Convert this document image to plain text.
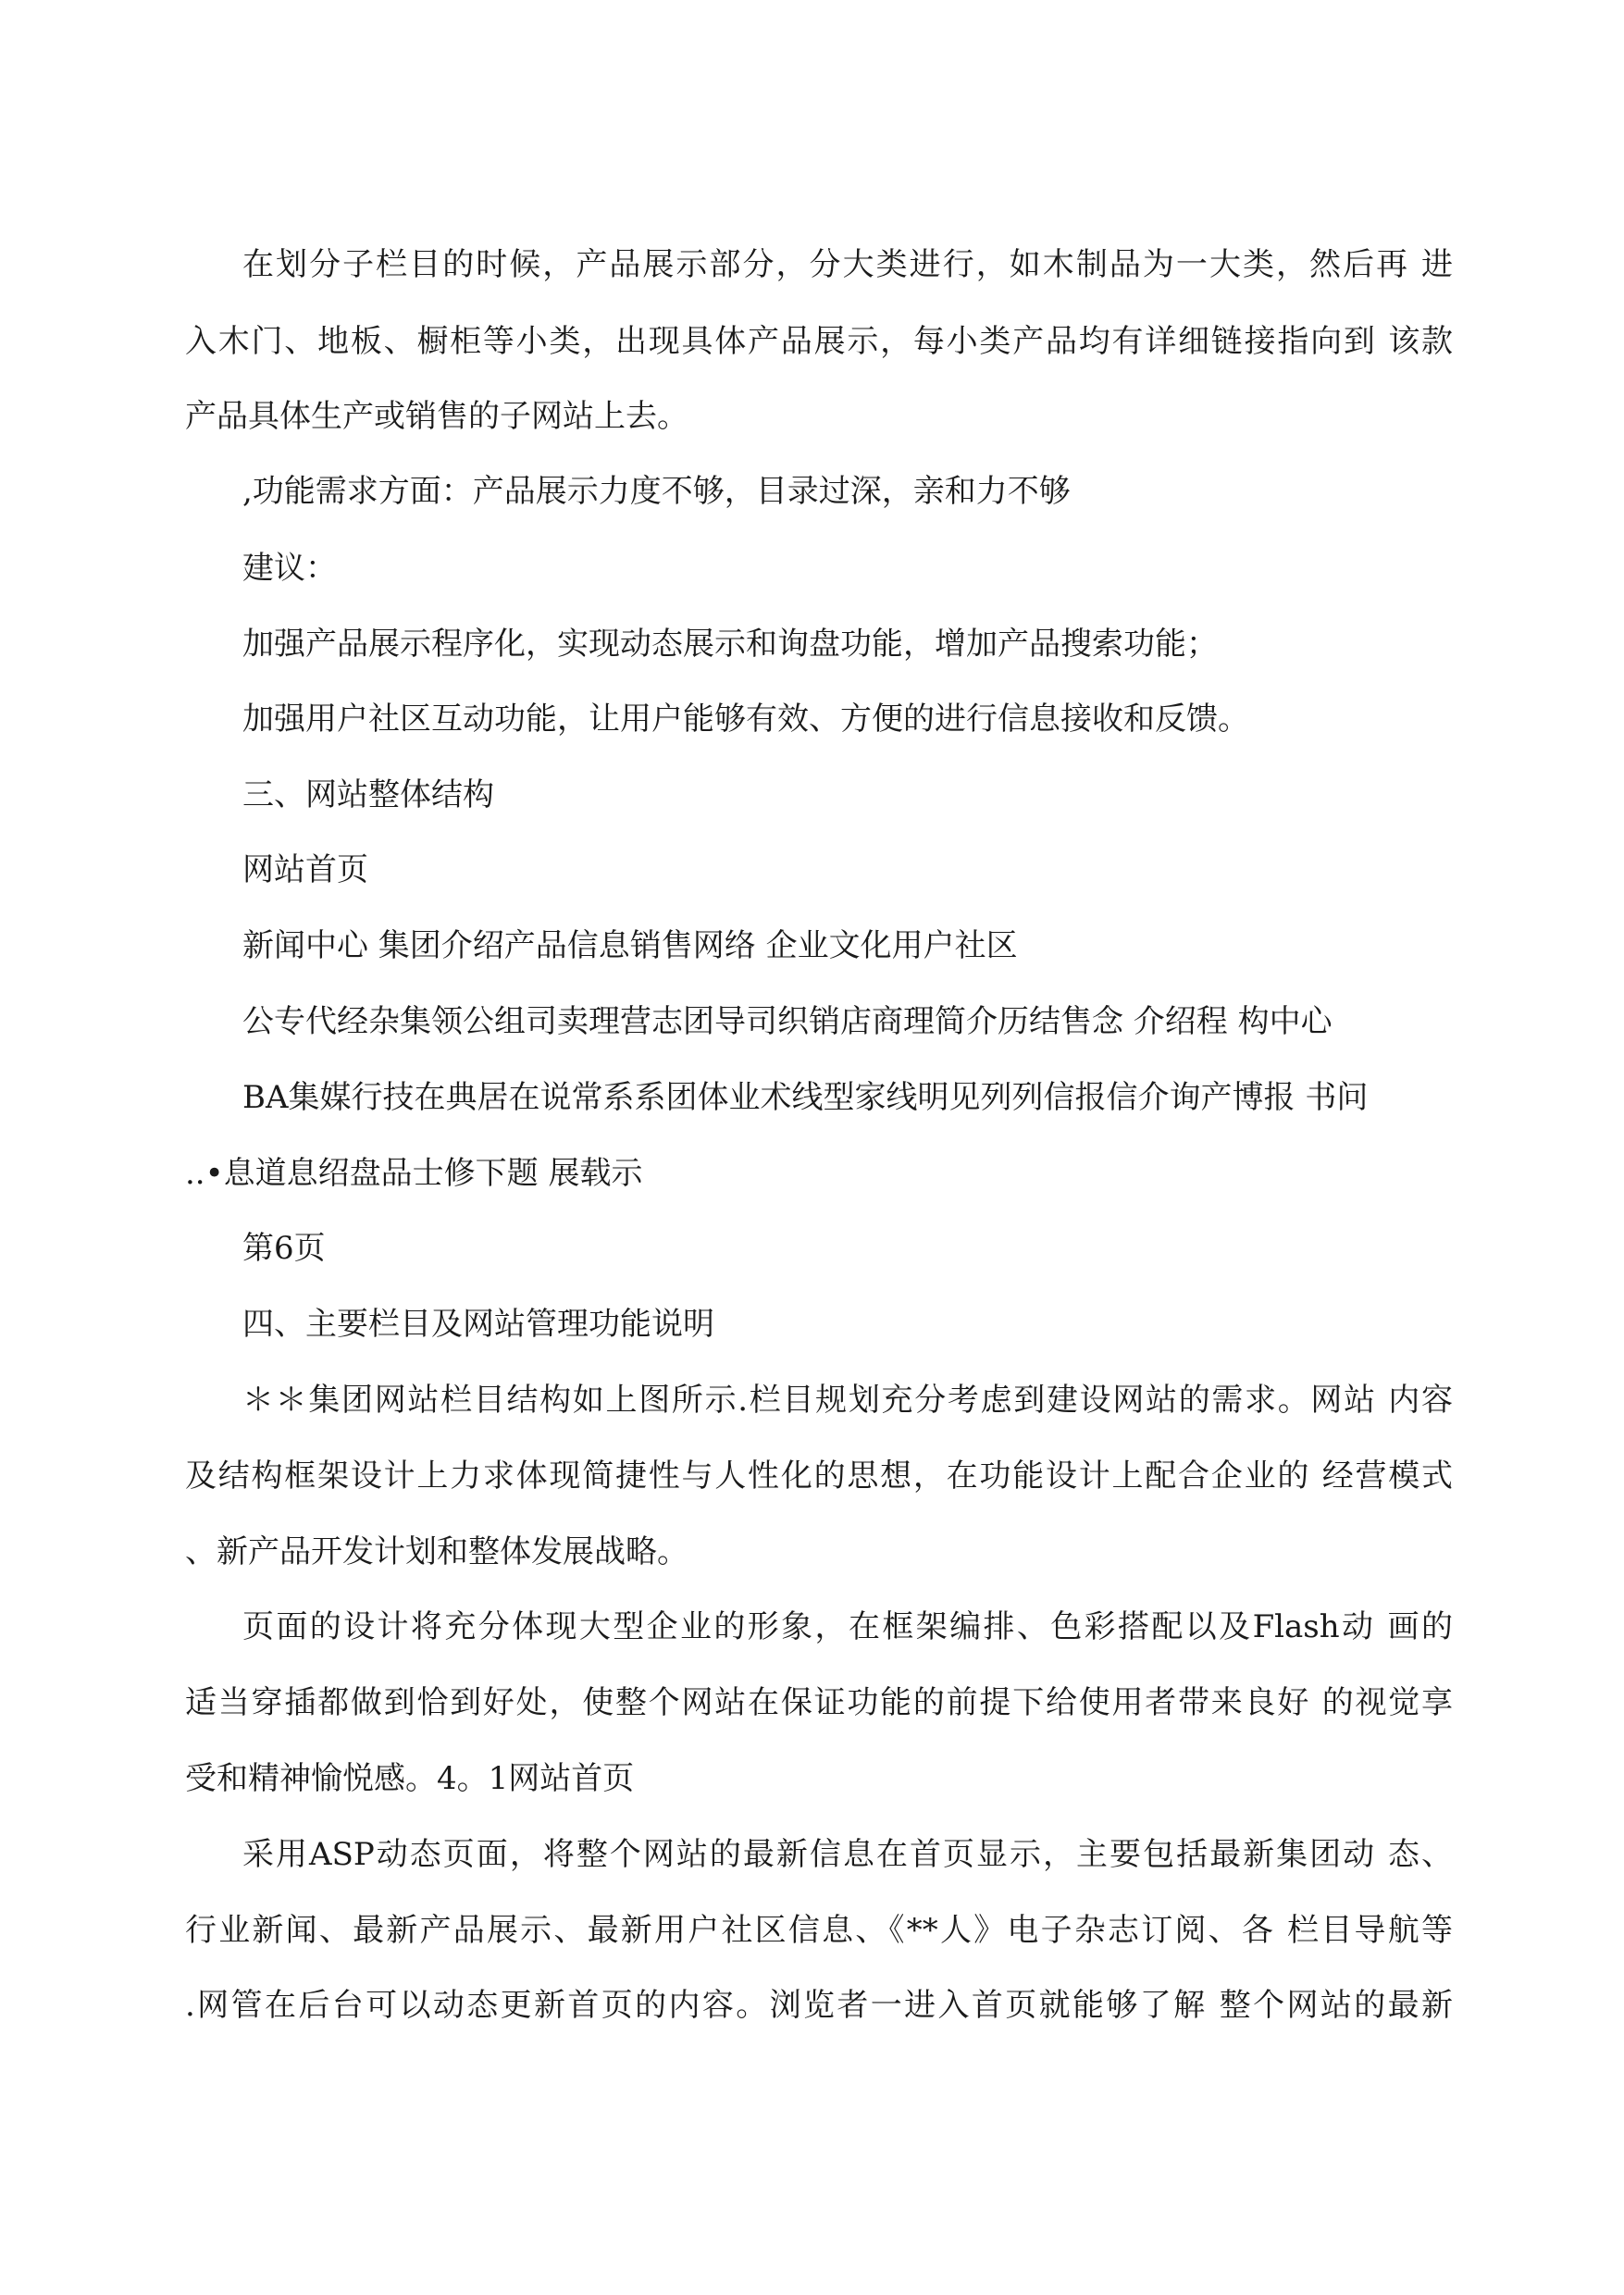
在划分子栏目的时候，产品展示部分，分大类进行，如木制品为一大类，然后再 进
入木门、地板、橱柜等小类，出现具体产品展示，每小类产品均有详细链接指向到 该款
产品具体生产或销售的子网站上去。
,功能需求方面：产品展示力度不够，目录过深，亲和力不够
建议：
加强产品展示程序化，实现动态展示和询盘功能，增加产品搜索功能；
加强用户社区互动功能，让用户能够有效、方便的进行信息接收和反馈。
三、网站整体结构
网站首页
新闻中心 集团介绍产品信息销售网络 企业文化用户社区
公专代经杂集领公组司卖理营志团导司织销店商理简介历结售念 介绍程 构中心
BA集媒行技在典居在说常系系团体业术线型家线明见列列信报信介询产博报 书问
..•息道息绍盘品士修下题 展载示
第6页
四、主要栏目及网站管理功能说明
＊＊集团网站栏目结构如上图所示.栏目规划充分考虑到建设网站的需求。网站 内容
及结构框架设计上力求体现简捷性与人性化的思想，在功能设计上配合企业的 经营模式
、新产品开发计划和整体发展战略。
页面的设计将充分体现大型企业的形象，在框架编排、色彩搭配以及Flash动 画的
适当穿插都做到恰到好处，使整个网站在保证功能的前提下给使用者带来良好 的视觉享
受和精神愉悦感。4。1网站首页
采用ASP动态页面，将整个网站的最新信息在首页显示，主要包括最新集团动 态、
行业新闻、最新产品展示、最新用户社区信息、《**人》电子杂志订阅、各 栏目导航等
.网管在后台可以动态更新首页的内容。浏览者一进入首页就能够了解 整个网站的最新
